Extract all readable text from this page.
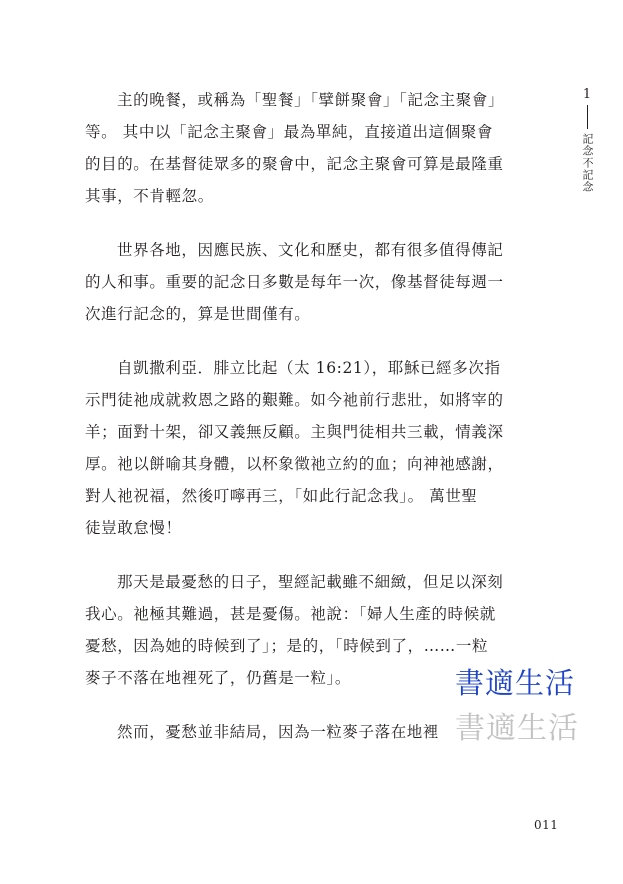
1
記念不記念

主的晚餐，或稱為「聖餐」「擘餅聚會」「記念主聚會」
等。 其中以「記念主聚會」最為單純，直接道出這個聚會
的目的。在基督徒眾多的聚會中，記念主聚會可算是最隆重
其事，不肯輕忽。

世界各地，因應民族、文化和歷史，都有很多值得傳記
的人和事。重要的記念日多數是每年一次，像基督徒每週一
次進行記念的，算是世間僅有。

自凱撒利亞．腓立比起（太 16:21），耶穌已經多次指
示門徒祂成就救恩之路的艱難。如今祂前行悲壯，如將宰的
羊；面對十架，卻又義無反顧。主與門徒相共三載，情義深
厚。祂以餅喻其身體，以杯象徵祂立約的血；向神祂感謝，
對人祂祝福，然後叮嚀再三，「如此行記念我」。 萬世聖
徒豈敢怠慢！

那天是最憂愁的日子，聖經記載雖不細緻，但足以深刻
我心。祂極其難過，甚是憂傷。祂說：「婦人生產的時候就
憂愁，因為她的時候到了」；是的，「時候到了，……一粒
麥子不落在地裡死了，仍舊是一粒」。

然而，憂愁並非結局，因為一粒麥子落在地裡

書適生活
書適生活
011
